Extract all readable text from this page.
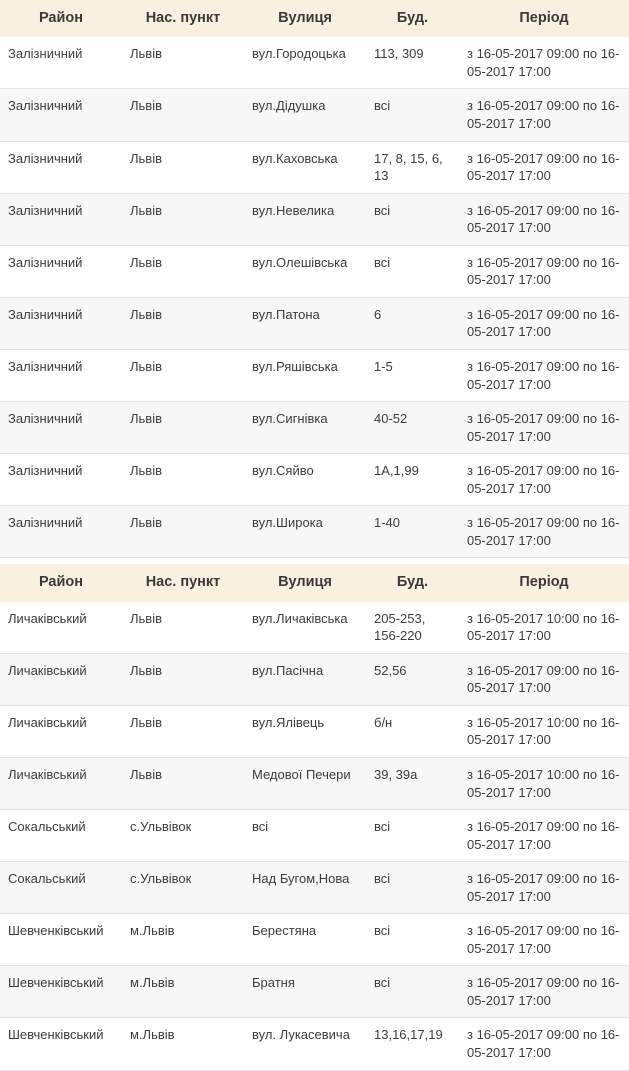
Район	Нас. пункт	Вулиця	Буд.	Період
Залізничний	Львів	вул.Городоцька	113, 309	з 16-05-2017 09:00 по 16-05-2017 17:00
Залізничний	Львів	вул.Дідушка	всі	з 16-05-2017 09:00 по 16-05-2017 17:00
Залізничний	Львів	вул.Каховська	17, 8, 15, 6, 13	з 16-05-2017 09:00 по 16-05-2017 17:00
Залізничний	Львів	вул.Невелика	всі	з 16-05-2017 09:00 по 16-05-2017 17:00
Залізничний	Львів	вул.Олешівська	всі	з 16-05-2017 09:00 по 16-05-2017 17:00
Залізничний	Львів	вул.Патона	6	з 16-05-2017 09:00 по 16-05-2017 17:00
Залізничний	Львів	вул.Ряшівська	1-5	з 16-05-2017 09:00 по 16-05-2017 17:00
Залізничний	Львів	вул.Сигнівка	40-52	з 16-05-2017 09:00 по 16-05-2017 17:00
Залізничний	Львів	вул.Сяйво	1А,1,99	з 16-05-2017 09:00 по 16-05-2017 17:00
Залізничний	Львів	вул.Широка	1-40	з 16-05-2017 09:00 по 16-05-2017 17:00
Район	Нас. пункт	Вулиця	Буд.	Період
Личаківський	Львів	вул.Личаківська	205-253, 156-220	з 16-05-2017 10:00 по 16-05-2017 17:00
Личаківський	Львів	вул.Пасічна	52,56	з 16-05-2017 09:00 по 16-05-2017 17:00
Личаківський	Львів	вул.Ялівець	б/н	з 16-05-2017 10:00 по 16-05-2017 17:00
Личаківський	Львів	Медової Печери	39, 39а	з 16-05-2017 10:00 по 16-05-2017 17:00
Сокальський	с.Ульвівок	всі	всі	з 16-05-2017 09:00 по 16-05-2017 17:00
Сокальський	с.Ульвівок	Над Бугом,Нова	всі	з 16-05-2017 09:00 по 16-05-2017 17:00
Шевченківський	м.Львів	Берестяна	всі	з 16-05-2017 09:00 по 16-05-2017 17:00
Шевченківський	м.Львів	Братня	всі	з 16-05-2017 09:00 по 16-05-2017 17:00
Шевченківський	м.Львів	вул. Лукасевича	13,16,17,19	з 16-05-2017 09:00 по 16-05-2017 17:00
